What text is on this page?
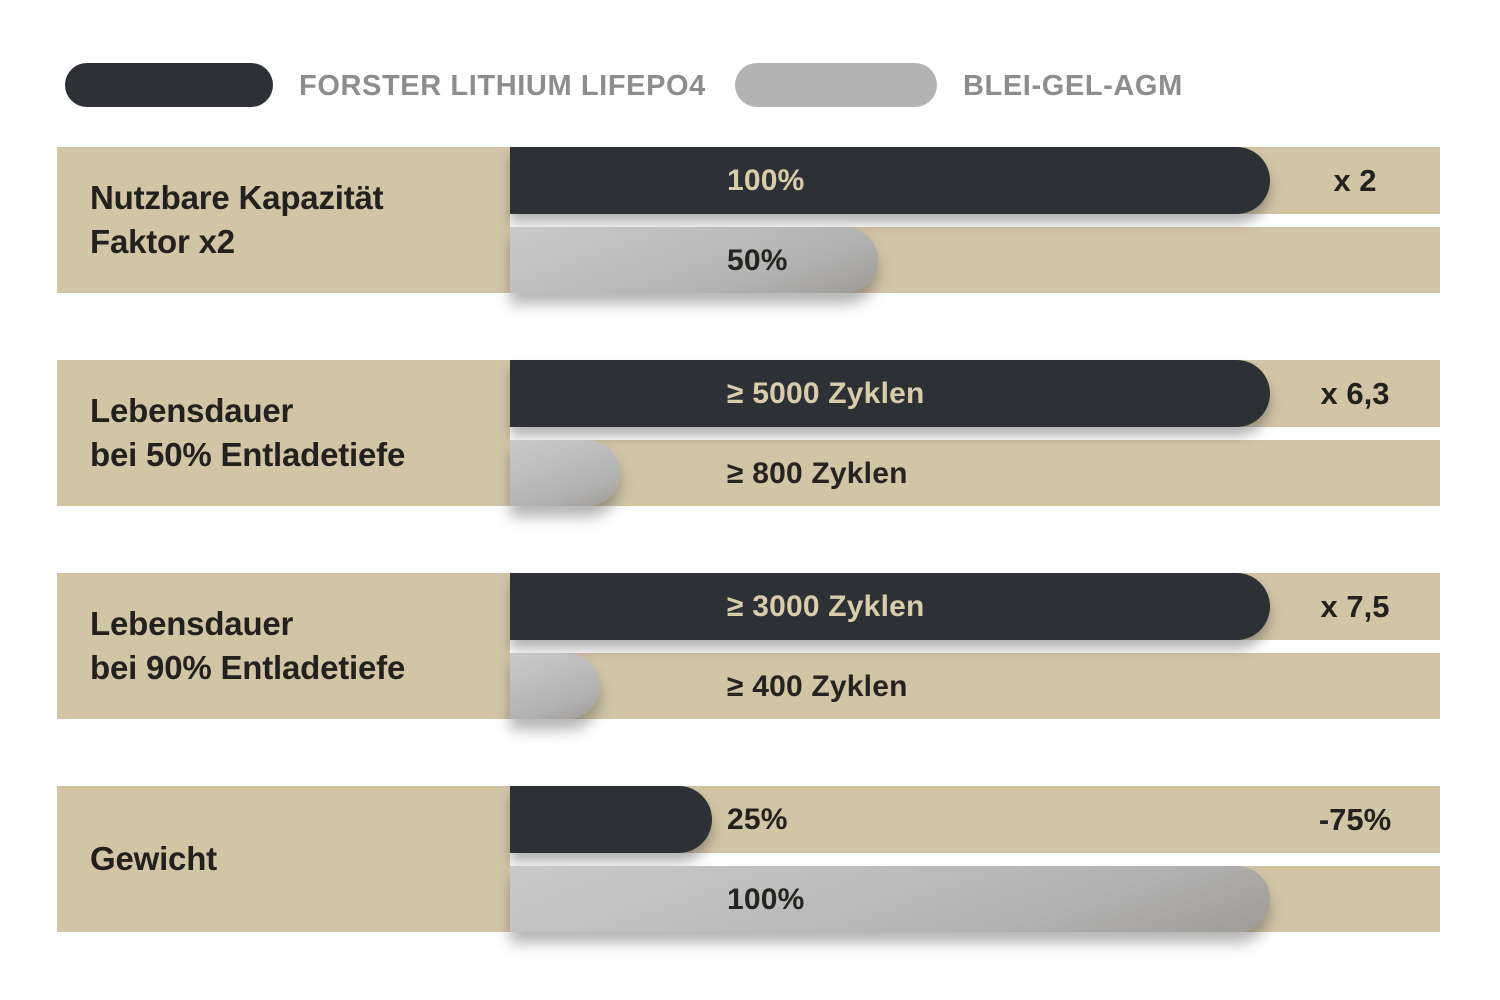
FORSTER LITHIUM LIFEPO4	BLEI-GEL-AGM
Nutzbare Kapazität
Faktor x2
100%
50%
x 2
Lebensdauer
bei 50% Entladetiefe
≥ 5000 Zyklen
≥ 800 Zyklen
x 6,3
Lebensdauer
bei 90% Entladetiefe
≥ 3000 Zyklen
≥ 400 Zyklen
x 7,5
Gewicht
25%
100%
-75%
